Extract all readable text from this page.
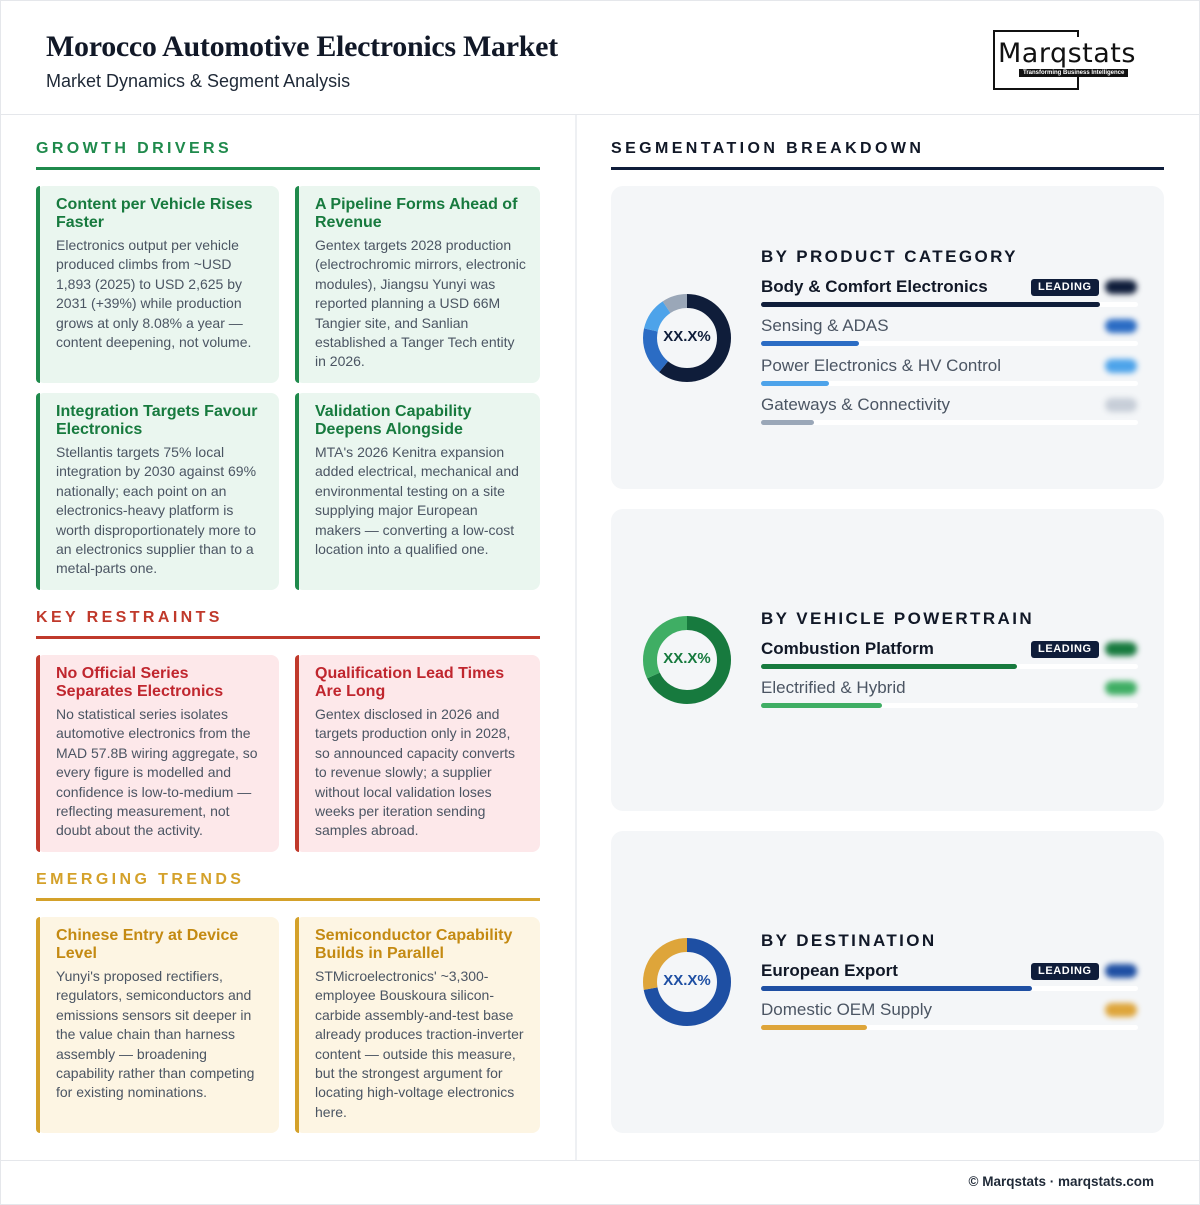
Morocco Automotive Electronics Market
Market Dynamics & Segment Analysis
Marqstats
Transforming Business Intelligence
GROWTH DRIVERS
Content per Vehicle Rises Faster

Electronics output per vehicle produced climbs from ~USD 1,893 (2025) to USD 2,625 by 2031 (+39%) while production grows at only 8.08% a year — content deepening, not volume.

A Pipeline Forms Ahead of Revenue

Gentex targets 2028 production (electrochromic mirrors, electronic modules), Jiangsu Yunyi was reported planning a USD 66M Tangier site, and Sanlian established a Tanger Tech entity in 2026.

Integration Targets Favour Electronics

Stellantis targets 75% local integration by 2030 against 69% nationally; each point on an electronics-heavy platform is worth disproportionately more to an electronics supplier than to a metal-parts one.

Validation Capability Deepens Alongside

MTA's 2026 Kenitra expansion added electrical, mechanical and environmental testing on a site supplying major European makers — converting a low-cost location into a qualified one.

KEY RESTRAINTS
No Official Series Separates Electronics

No statistical series isolates automotive electronics from the MAD 57.8B wiring aggregate, so every figure is modelled and confidence is low-to-medium — reflecting measurement, not doubt about the activity.

Qualification Lead Times Are Long

Gentex disclosed in 2026 and targets production only in 2028, so announced capacity converts to revenue slowly; a supplier without local validation loses weeks per iteration sending samples abroad.

EMERGING TRENDS
Chinese Entry at Device Level

Yunyi's proposed rectifiers, regulators, semiconductors and emissions sensors sit deeper in the value chain than harness assembly — broadening capability rather than competing for existing nominations.

Semiconductor Capability Builds in Parallel

STMicroelectronics' ~3,300-employee Bouskoura silicon-carbide assembly-and-test base already produces traction-inverter content — outside this measure, but the strongest argument for locating high-voltage electronics here.

SEGMENTATION BREAKDOWN
XX.X%
BY PRODUCT CATEGORY
Body & Comfort Electronics	LEADING
Sensing & ADAS
Power Electronics & HV Control
Gateways & Connectivity
XX.X%
BY VEHICLE POWERTRAIN
Combustion Platform	LEADING
Electrified & Hybrid
XX.X%
BY DESTINATION
European Export	LEADING
Domestic OEM Supply
© Marqstats · marqstats.com
